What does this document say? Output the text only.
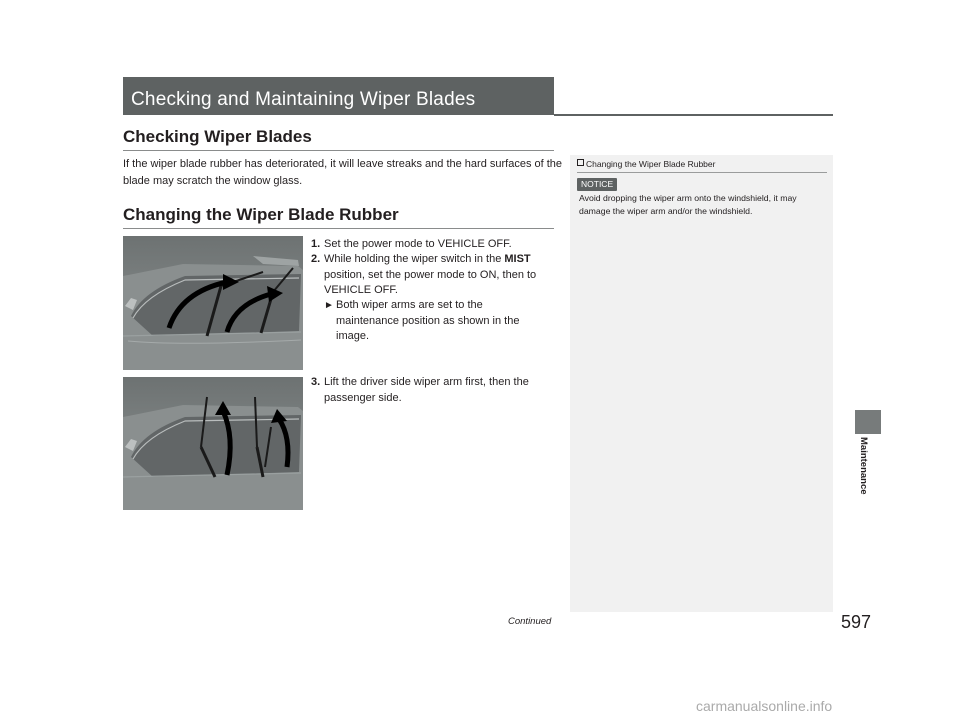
Checking and Maintaining Wiper Blades
Checking Wiper Blades
If the wiper blade rubber has deteriorated, it will leave streaks and the hard surfaces of the blade may scratch the window glass.
Changing the Wiper Blade Rubber
1. Set the power mode to VEHICLE OFF.
2. While holding the wiper switch in the MIST position, set the power mode to ON, then to VEHICLE OFF.
► Both wiper arms are set to the maintenance position as shown in the image.
3. Lift the driver side wiper arm first, then the passenger side.
Changing the Wiper Blade Rubber
NOTICE
Avoid dropping the wiper arm onto the windshield, it may damage the wiper arm and/or the windshield.
Maintenance
Continued	597
carmanualsonline.info
